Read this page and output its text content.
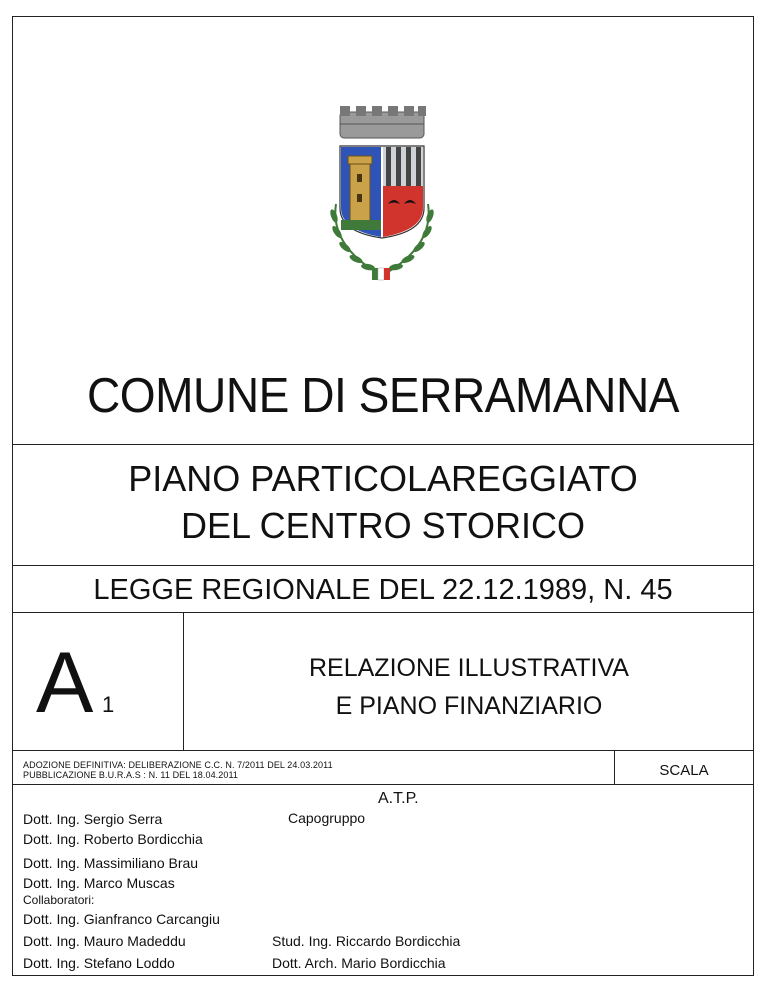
COMUNE DI SERRAMANNA
PIANO PARTICOLAREGGIATO
DEL CENTRO STORICO
LEGGE REGIONALE DEL 22.12.1989, N. 45
A 1
RELAZIONE ILLUSTRATIVA
E PIANO FINANZIARIO
ADOZIONE DEFINITIVA: DELIBERAZIONE C.C. N. 7/2011 DEL 24.03.2011
PUBBLICAZIONE B.U.R.A.S : N. 11 DEL 18.04.2011	SCALA
A.T.P.
Capogruppo
Dott. Ing. Sergio Serra
Dott. Ing. Roberto Bordicchia
Dott. Ing. Massimiliano Brau
Dott. Ing. Marco Muscas
Collaboratori:
Dott. Ing. Gianfranco Carcangiu
Dott. Ing. Mauro Madeddu
Dott. Ing. Stefano Loddo
Stud. Ing. Riccardo Bordicchia
Dott. Arch. Mario Bordicchia
